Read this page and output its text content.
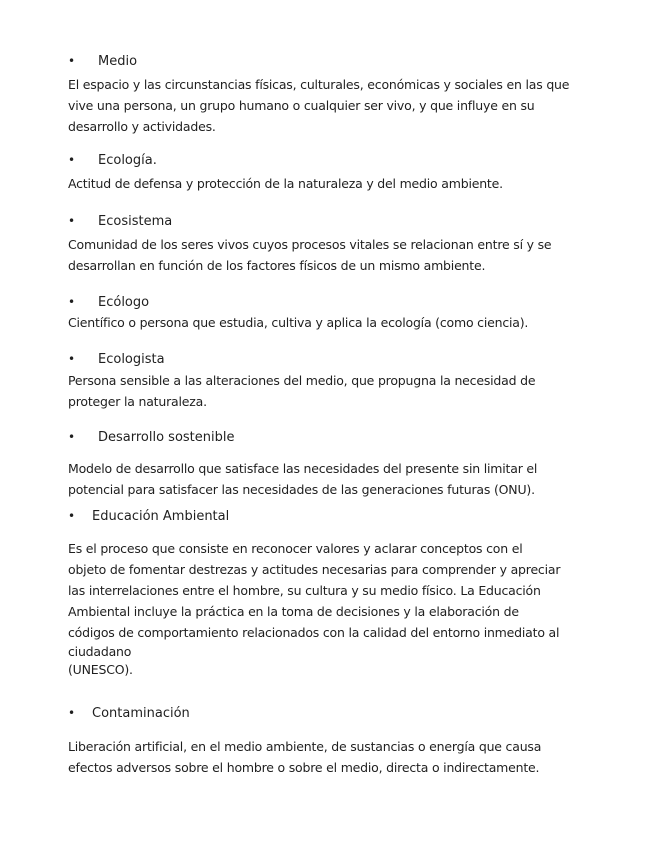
• Medio
El espacio y las circunstancias físicas, culturales, económicas y sociales en las que
vive una persona, un grupo humano o cualquier ser vivo, y que influye en su
desarrollo y actividades.
• Ecología.
Actitud de defensa y protección de la naturaleza y del medio ambiente.
• Ecosistema
Comunidad de los seres vivos cuyos procesos vitales se relacionan entre sí y se
desarrollan en función de los factores físicos de un mismo ambiente.
• Ecólogo
Científico o persona que estudia, cultiva y aplica la ecología (como ciencia).
• Ecologista
Persona sensible a las alteraciones del medio, que propugna la necesidad de
proteger la naturaleza.
• Desarrollo sostenible
Modelo de desarrollo que satisface las necesidades del presente sin limitar el
potencial para satisfacer las necesidades de las generaciones futuras (ONU).
• Educación Ambiental
Es el proceso que consiste en reconocer valores y aclarar conceptos con el
objeto de fomentar destrezas y actitudes necesarias para comprender y apreciar
las interrelaciones entre el hombre, su cultura y su medio físico. La Educación
Ambiental incluye la práctica en la toma de decisiones y la elaboración de
códigos de comportamiento relacionados con la calidad del entorno inmediato al
ciudadano
(UNESCO).
• Contaminación
Liberación artificial, en el medio ambiente, de sustancias o energía que causa
efectos adversos sobre el hombre o sobre el medio, directa o indirectamente.
